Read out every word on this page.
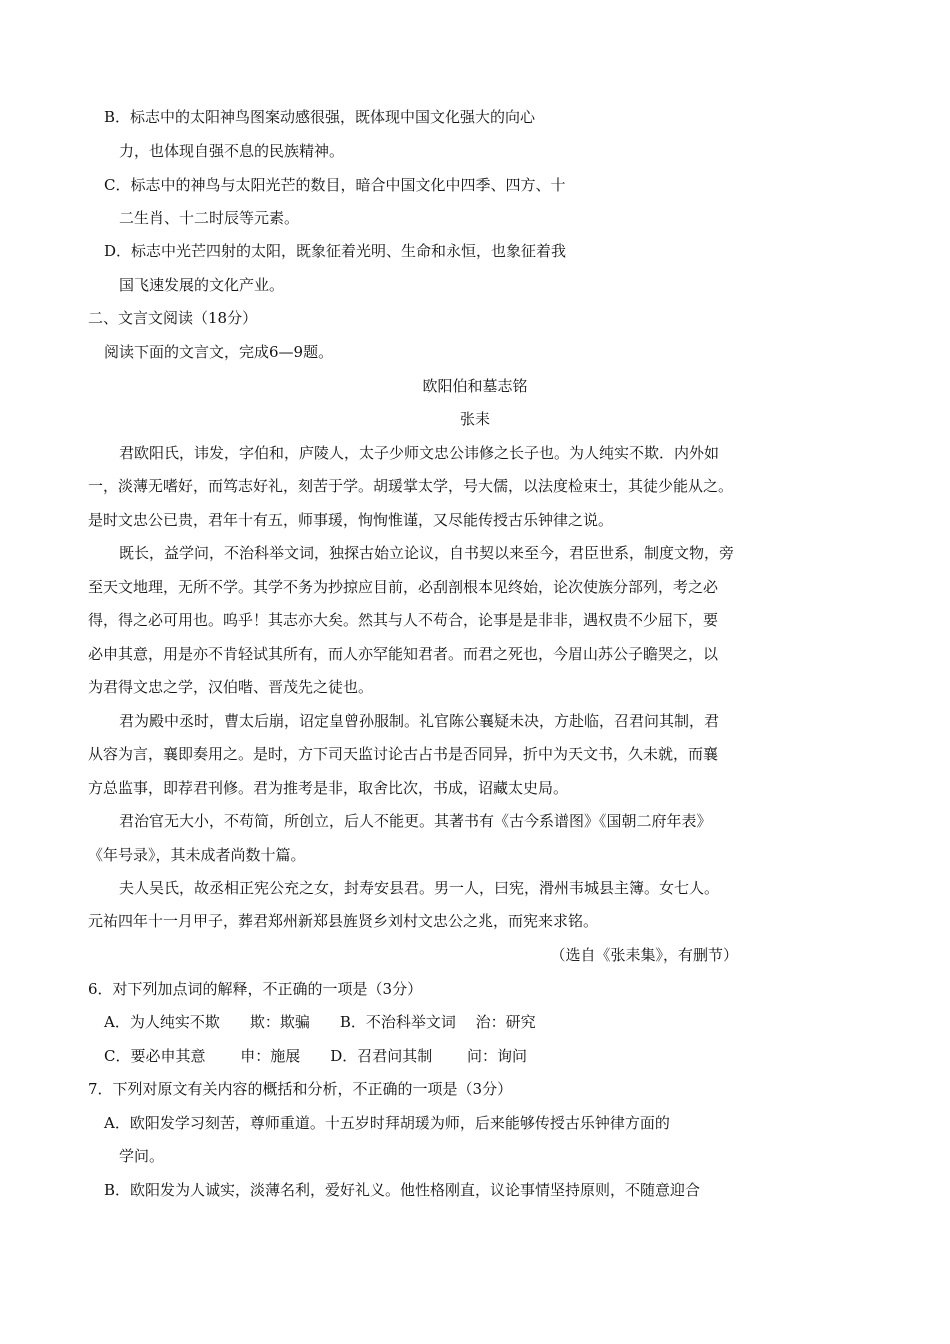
B．标志中的太阳神鸟图案动感很强，既体现中国文化强大的向心
力，也体现自强不息的民族精神。
C．标志中的神鸟与太阳光芒的数目，暗合中国文化中四季、四方、十
二生肖、十二时辰等元素。
D．标志中光芒四射的太阳，既象征着光明、生命和永恒，也象征着我
国飞速发展的文化产业。
二、文言文阅读（18分）
阅读下面的文言文，完成6—9题。
欧阳伯和墓志铭
张耒
君欧阳氏，讳发，字伯和，庐陵人，太子少师文忠公讳修之长子也。为人纯实不欺．内外如
一，淡薄无嗜好，而笃志好礼，刻苦于学。胡瑗掌太学，号大儒，以法度检束士，其徒少能从之。
是时文忠公已贵，君年十有五，师事瑗，恂恂惟谨，又尽能传授古乐钟律之说。
既长，益学问，不治科举文词，独探古始立论议，自书契以来至今，君臣世系，制度文物，旁
至天文地理，无所不学。其学不务为抄掠应目前，必刮剖根本见终始，论次使族分部列，考之必
得，得之必可用也。呜乎！其志亦大矣。然其与人不苟合，论事是是非非，遇权贵不少屈下，要
必申其意，用是亦不肯轻试其所有，而人亦罕能知君者。而君之死也，今眉山苏公子瞻哭之，以
为君得文忠之学，汉伯喈、晋茂先之徒也。
君为殿中丞时，曹太后崩，诏定皇曾孙服制。礼官陈公襄疑未决，方赴临，召君问其制，君
从容为言，襄即奏用之。是时，方下司天监讨论古占书是否同异，折中为天文书，久未就，而襄
方总监事，即荐君刊修。君为推考是非，取舍比次，书成，诏藏太史局。
君治官无大小，不苟简，所创立，后人不能更。其著书有《古今系谱图》《国朝二府年表》
《年号录》，其未成者尚数十篇。
夫人吴氏，故丞相正宪公充之女，封寿安县君。男一人，曰宪，滑州韦城县主簿。女七人。
元祐四年十一月甲子，葬君郑州新郑县旌贤乡刘村文忠公之兆，而宪来求铭。
（选自《张耒集》，有删节）
6．对下列加点词的解释，不正确的一项是（3分）
A．为人纯实不欺　　欺：欺骗　　B．不治科举文词　 治：研究
C．要必申其意　　 申：施展　　D．召君问其制　　 问：询问
7．下列对原文有关内容的概括和分析，不正确的一项是（3分）
A．欧阳发学习刻苦，尊师重道。十五岁时拜胡瑗为师，后来能够传授古乐钟律方面的
学问。
B．欧阳发为人诚实，淡薄名利，爱好礼义。他性格刚直，议论事情坚持原则，不随意迎合
